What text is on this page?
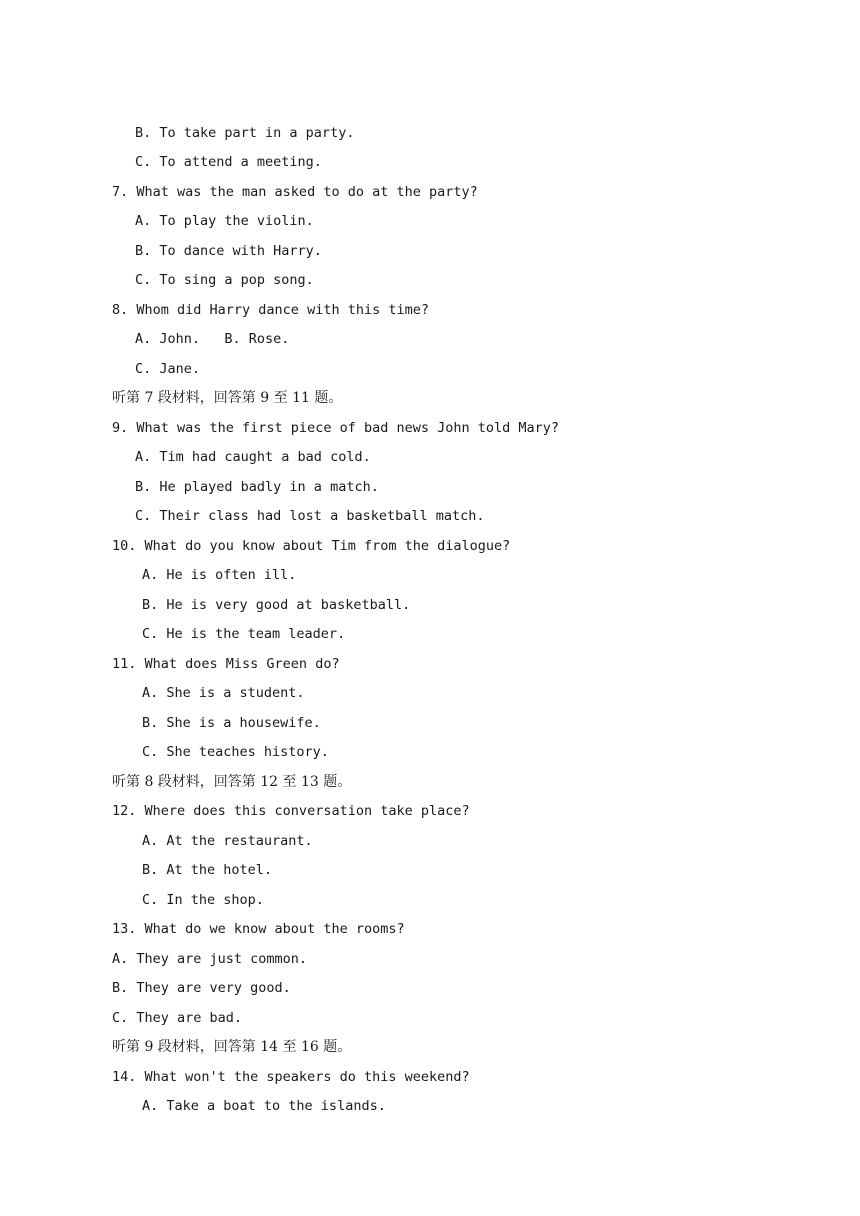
B. To take part in a party.
C. To attend a meeting.
7. What was the man asked to do at the party?
A. To play the violin.
B. To dance with Harry.
C. To sing a pop song.
8. Whom did Harry dance with this time?
A. John.   B. Rose.
C. Jane.
听第 7 段材料，回答第 9 至 11 题。
9. What was the first piece of bad news John told Mary?
A. Tim had caught a bad cold.
B. He played badly in a match.
C. Their class had lost a basketball match.
10. What do you know about Tim from the dialogue?
A. He is often ill.
B. He is very good at basketball.
C. He is the team leader.
11. What does Miss Green do?
A. She is a student.
B. She is a housewife.
C. She teaches history.
听第 8 段材料，回答第 12 至 13 题。
12. Where does this conversation take place?
A. At the restaurant.
B. At the hotel.
C. In the shop.
13. What do we know about the rooms?
A. They are just common.
B. They are very good.
C. They are bad.
听第 9 段材料，回答第 14 至 16 题。
14. What won't the speakers do this weekend?
A. Take a boat to the islands.
